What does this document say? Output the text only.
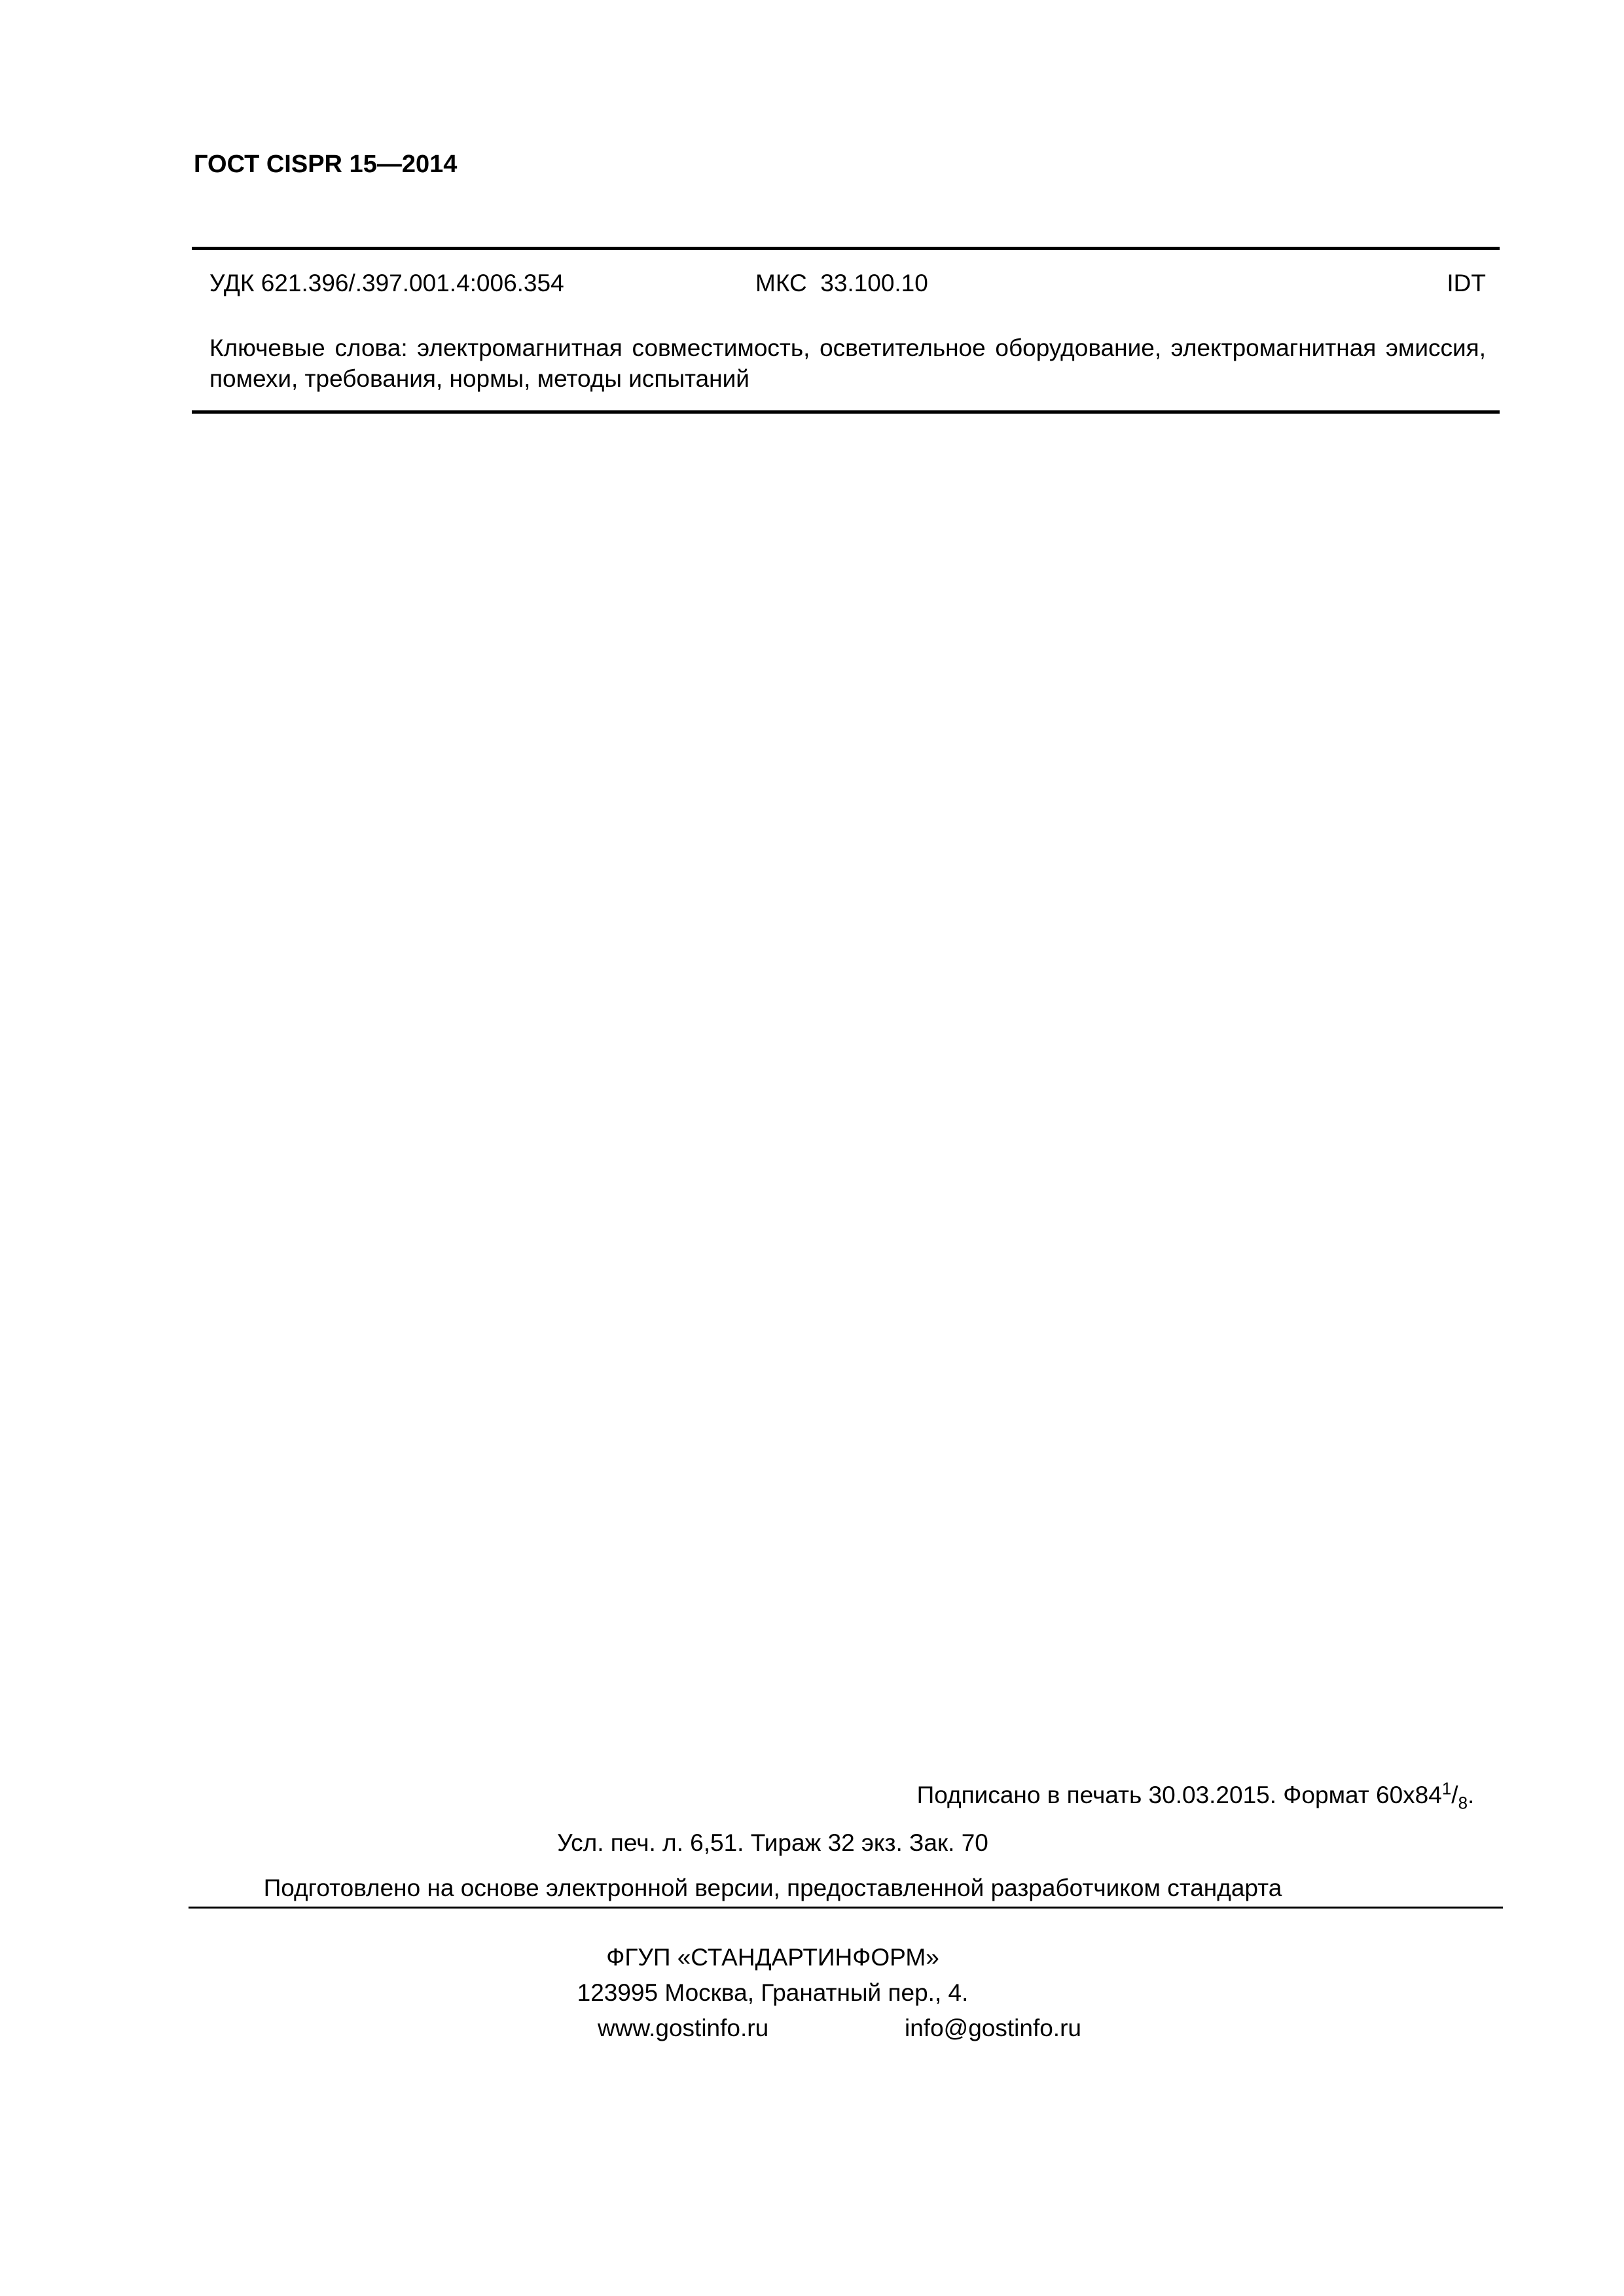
ГОСТ CISPR 15—2014
УДК 621.396/.397.001.4:006.354	МКС  33.100.10	IDT
Ключевые слова: электромагнитная совместимость, осветительное оборудование, электромагнитная эмиссия, помехи, требования, нормы, методы испытаний
Подписано в печать 30.03.2015. Формат $60x84^1/_8$.
Усл. печ. л. 6,51. Тираж 32 экз. Зак. 70
Подготовлено на основе электронной версии, предоставленной разработчиком стандарта
ФГУП «СТАНДАРТИНФОРМ»
123995 Москва, Гранатный пер., 4.
www.gostinfo.ru	info@gostinfo.ru
